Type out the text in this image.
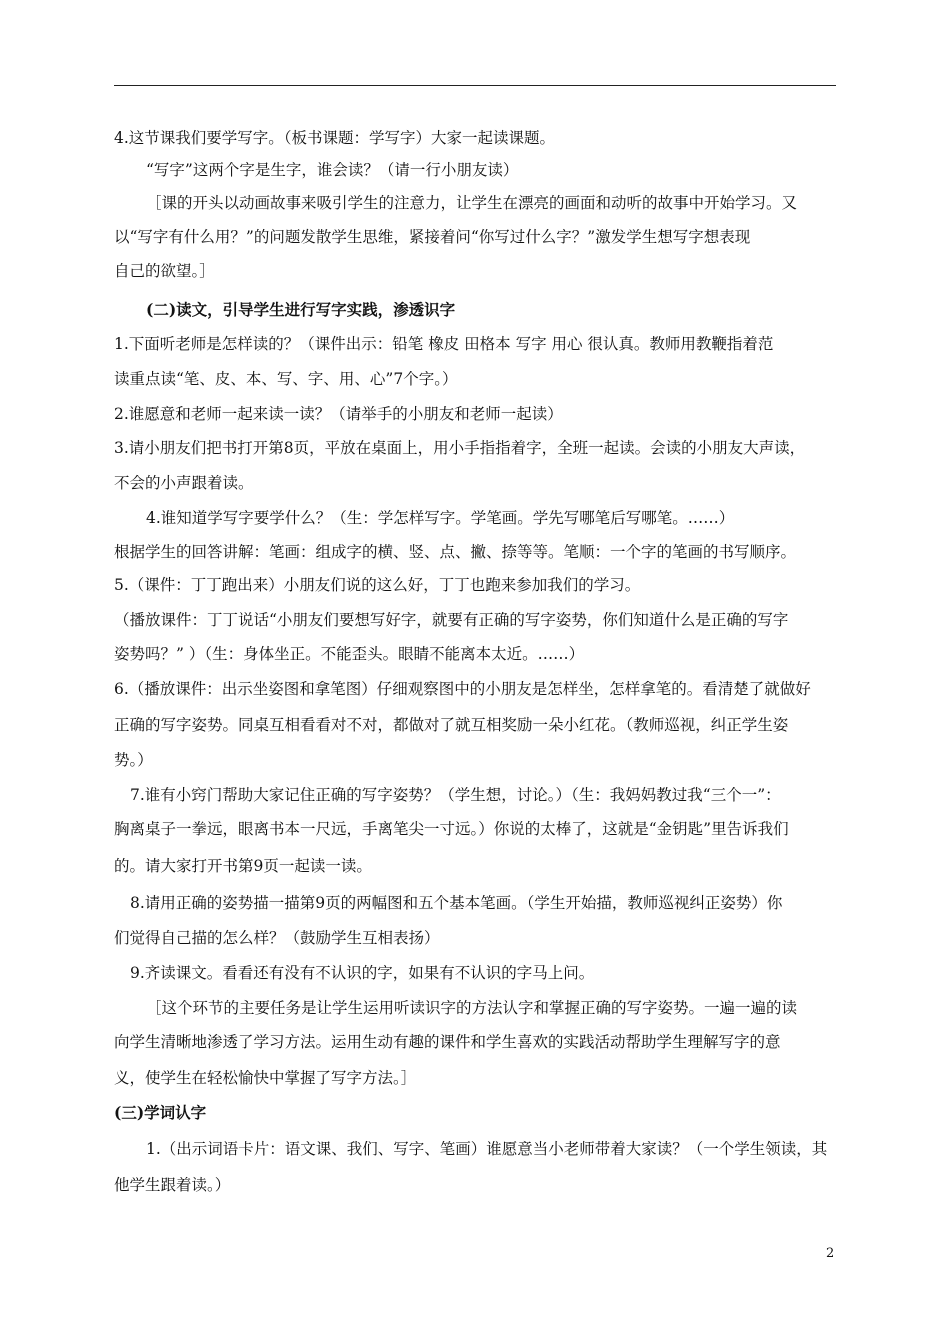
4.这节课我们要学写字。（板书课题：学写字）大家一起读课题。
“写字”这两个字是生字，谁会读？（请一行小朋友读）
［课的开头以动画故事来吸引学生的注意力，让学生在漂亮的画面和动听的故事中开始学习。又
以“写字有什么用？”的问题发散学生思维，紧接着问“你写过什么字？”激发学生想写字想表现
自己的欲望。］
(二)读文，引导学生进行写字实践，渗透识字
1.下面听老师是怎样读的？（课件出示：铅笔 橡皮 田格本 写字 用心 很认真。教师用教鞭指着范
读重点读“笔、皮、本、写、字、用、心”7个字。）
2.谁愿意和老师一起来读一读？（请举手的小朋友和老师一起读）
3.请小朋友们把书打开第8页，平放在桌面上，用小手指指着字，全班一起读。会读的小朋友大声读，
不会的小声跟着读。
4.谁知道学写字要学什么？（生：学怎样写字。学笔画。学先写哪笔后写哪笔。……）
根据学生的回答讲解：笔画：组成字的横、竖、点、撇、捺等等。笔顺：一个字的笔画的书写顺序。
5.（课件：丁丁跑出来）小朋友们说的这么好，丁丁也跑来参加我们的学习。
（播放课件：丁丁说话“小朋友们要想写好字，就要有正确的写字姿势，你们知道什么是正确的写字
姿势吗？” ）（生：身体坐正。不能歪头。眼睛不能离本太近。……）
6.（播放课件：出示坐姿图和拿笔图）仔细观察图中的小朋友是怎样坐，怎样拿笔的。看清楚了就做好
正确的写字姿势。同桌互相看看对不对，都做对了就互相奖励一朵小红花。（教师巡视，纠正学生姿
势。）
7.谁有小窍门帮助大家记住正确的写字姿势？（学生想，讨论。）（生：我妈妈教过我“三个一”：
胸离桌子一拳远，眼离书本一尺远，手离笔尖一寸远。）你说的太棒了，这就是“金钥匙”里告诉我们
的。请大家打开书第9页一起读一读。
8.请用正确的姿势描一描第9页的两幅图和五个基本笔画。（学生开始描，教师巡视纠正姿势）你
们觉得自己描的怎么样？（鼓励学生互相表扬）
9.齐读课文。看看还有没有不认识的字，如果有不认识的字马上问。
［这个环节的主要任务是让学生运用听读识字的方法认字和掌握正确的写字姿势。一遍一遍的读
向学生清晰地渗透了学习方法。运用生动有趣的课件和学生喜欢的实践活动帮助学生理解写字的意
义，使学生在轻松愉快中掌握了写字方法。］
(三)学词认字
1.（出示词语卡片：语文课、我们、写字、笔画）谁愿意当小老师带着大家读？（一个学生领读，其
他学生跟着读。）
2
